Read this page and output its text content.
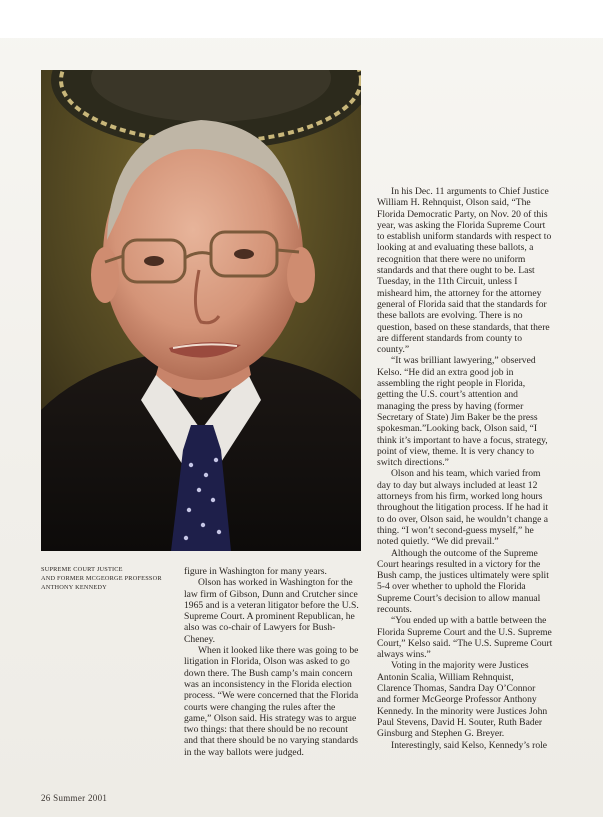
SUPREME COURT JUSTICE
AND FORMER MCGEORGE PROFESSOR
ANTHONY KENNEDY

figure in Washington for many years.

Olson has worked in Washington for the

law firm of Gibson, Dunn and Crutcher since

1965 and is a veteran litigator before the U.S.

Supreme Court. A prominent Republican, he

also was co-chair of Lawyers for Bush-

Cheney.

When it looked like there was going to be

litigation in Florida, Olson was asked to go

down there. The Bush camp’s main concern

was an inconsistency in the Florida election

process. “We were concerned that the Florida

courts were changing the rules after the

game,” Olson said. His strategy was to argue

two things: that there should be no recount

and that there should be no varying standards

in the way ballots were judged.

In his Dec. 11 arguments to Chief Justice

William H. Rehnquist, Olson said, “The

Florida Democratic Party, on Nov. 20 of this

year, was asking the Florida Supreme Court

to establish uniform standards with respect to

looking at and evaluating these ballots, a

recognition that there were no uniform

standards and that there ought to be. Last

Tuesday, in the 11th Circuit, unless I

misheard him, the attorney for the attorney

general of Florida said that the standards for

these ballots are evolving. There is no

question, based on these standards, that there

are different standards from county to

county.”

“It was brilliant lawyering,” observed

Kelso. “He did an extra good job in

assembling the right people in Florida,

getting the U.S. court’s attention and

managing the press by having (former

Secretary of State) Jim Baker be the press

spokesman.”Looking back, Olson said, “I

think it’s important to have a focus, strategy,

point of view, theme. It is very chancy to

switch directions.”

Olson and his team, which varied from

day to day but always included at least 12

attorneys from his firm, worked long hours

throughout the litigation process. If he had it

to do over, Olson said, he wouldn’t change a

thing. “I won’t second-guess myself,” he

noted quietly. “We did prevail.”

Although the outcome of the Supreme

Court hearings resulted in a victory for the

Bush camp, the justices ultimately were split

5-4 over whether to uphold the Florida

Supreme Court’s decision to allow manual

recounts.

“You ended up with a battle between the

Florida Supreme Court and the U.S. Supreme

Court,” Kelso said. “The U.S. Supreme Court

always wins.”

Voting in the majority were Justices

Antonin Scalia, William Rehnquist,

Clarence Thomas, Sandra Day O’Connor

and former McGeorge Professor Anthony

Kennedy. In the minority were Justices John

Paul Stevens, David H. Souter, Ruth Bader

Ginsburg and Stephen G. Breyer.

Interestingly, said Kelso, Kennedy’s role

26 Summer 2001
